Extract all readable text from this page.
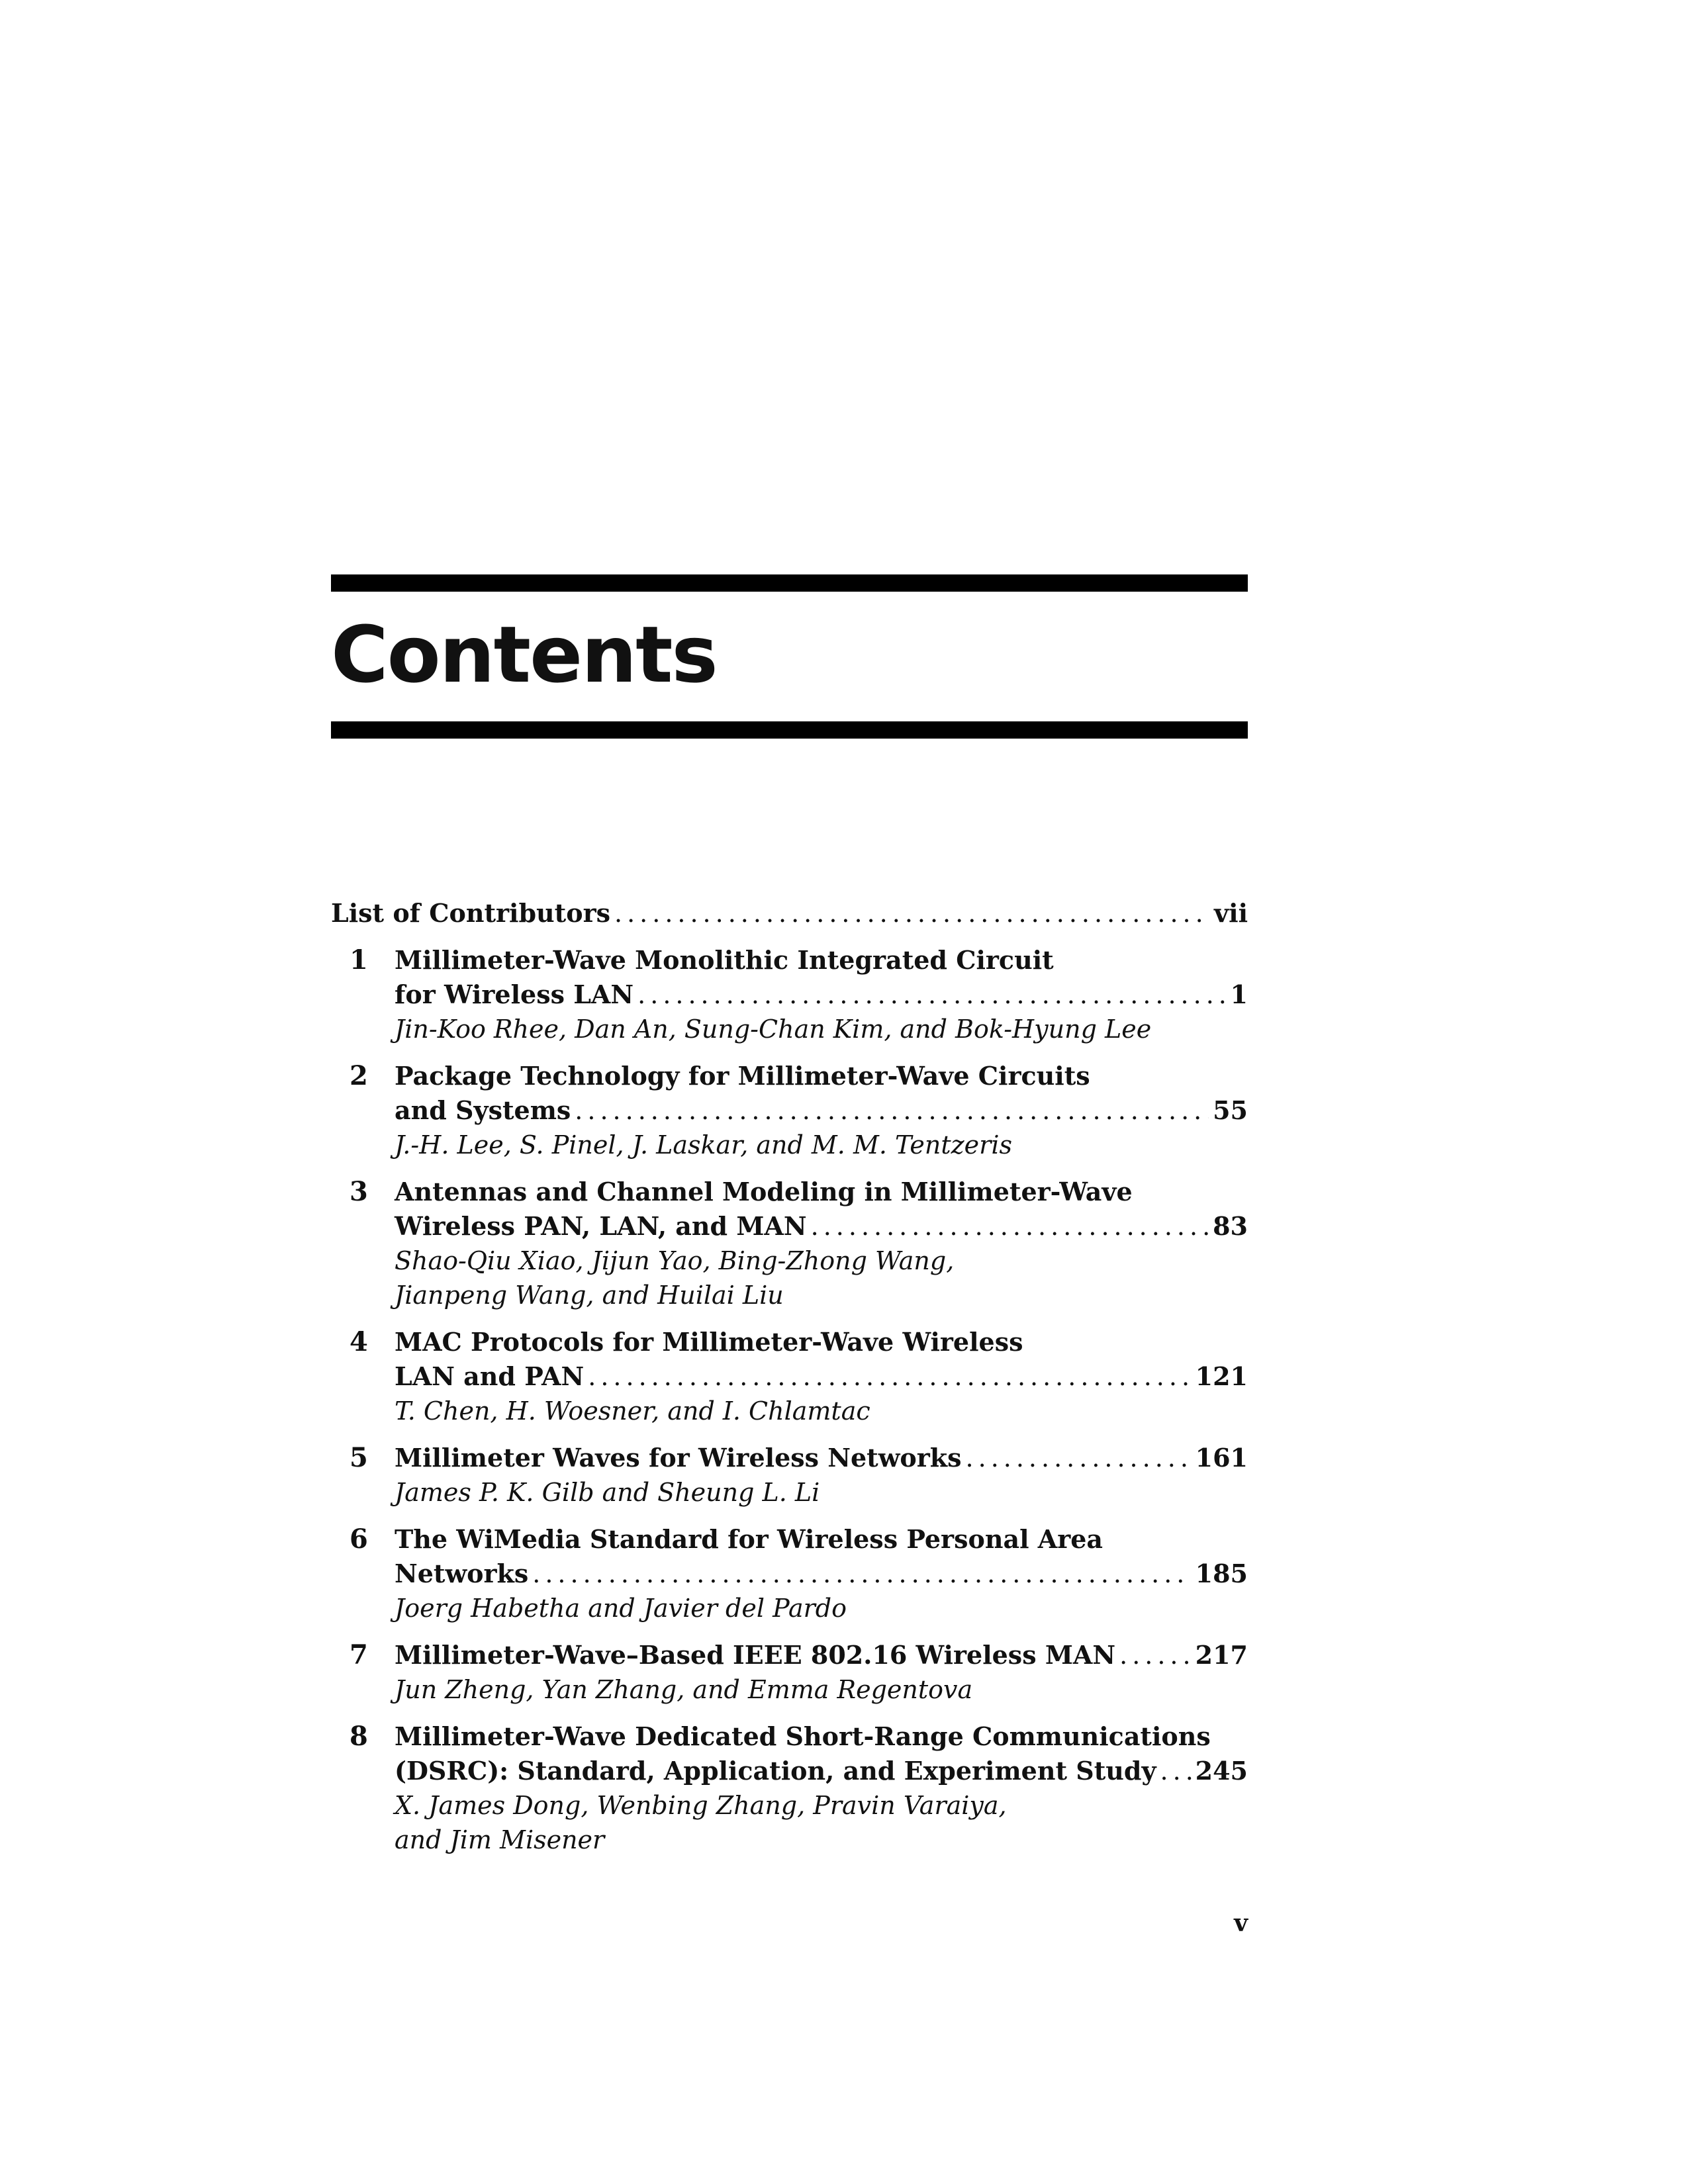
Contents
List of Contributors .....	vii
1 Millimeter-Wave Monolithic Integrated Circuit
for Wireless LAN .....	1
Jin-Koo Rhee, Dan An, Sung-Chan Kim, and Bok-Hyung Lee
2 Package Technology for Millimeter-Wave Circuits
and Systems .....	55
J.-H. Lee, S. Pinel, J. Laskar, and M. M. Tentzeris
3 Antennas and Channel Modeling in Millimeter-Wave
Wireless PAN, LAN, and MAN .....	83
Shao-Qiu Xiao, Jijun Yao, Bing-Zhong Wang,
Jianpeng Wang, and Huilai Liu
4 MAC Protocols for Millimeter-Wave Wireless
LAN and PAN .....	121
T. Chen, H. Woesner, and I. Chlamtac
5 Millimeter Waves for Wireless Networks .....	161
James P. K. Gilb and Sheung L. Li
6 The WiMedia Standard for Wireless Personal Area
Networks .....	185
Joerg Habetha and Javier del Pardo
7 Millimeter-Wave–Based IEEE 802.16 Wireless MAN .....	217
Jun Zheng, Yan Zhang, and Emma Regentova
8 Millimeter-Wave Dedicated Short-Range Communications
(DSRC): Standard, Application, and Experiment Study ..... 245
X. James Dong, Wenbing Zhang, Pravin Varaiya,
and Jim Misener
v
